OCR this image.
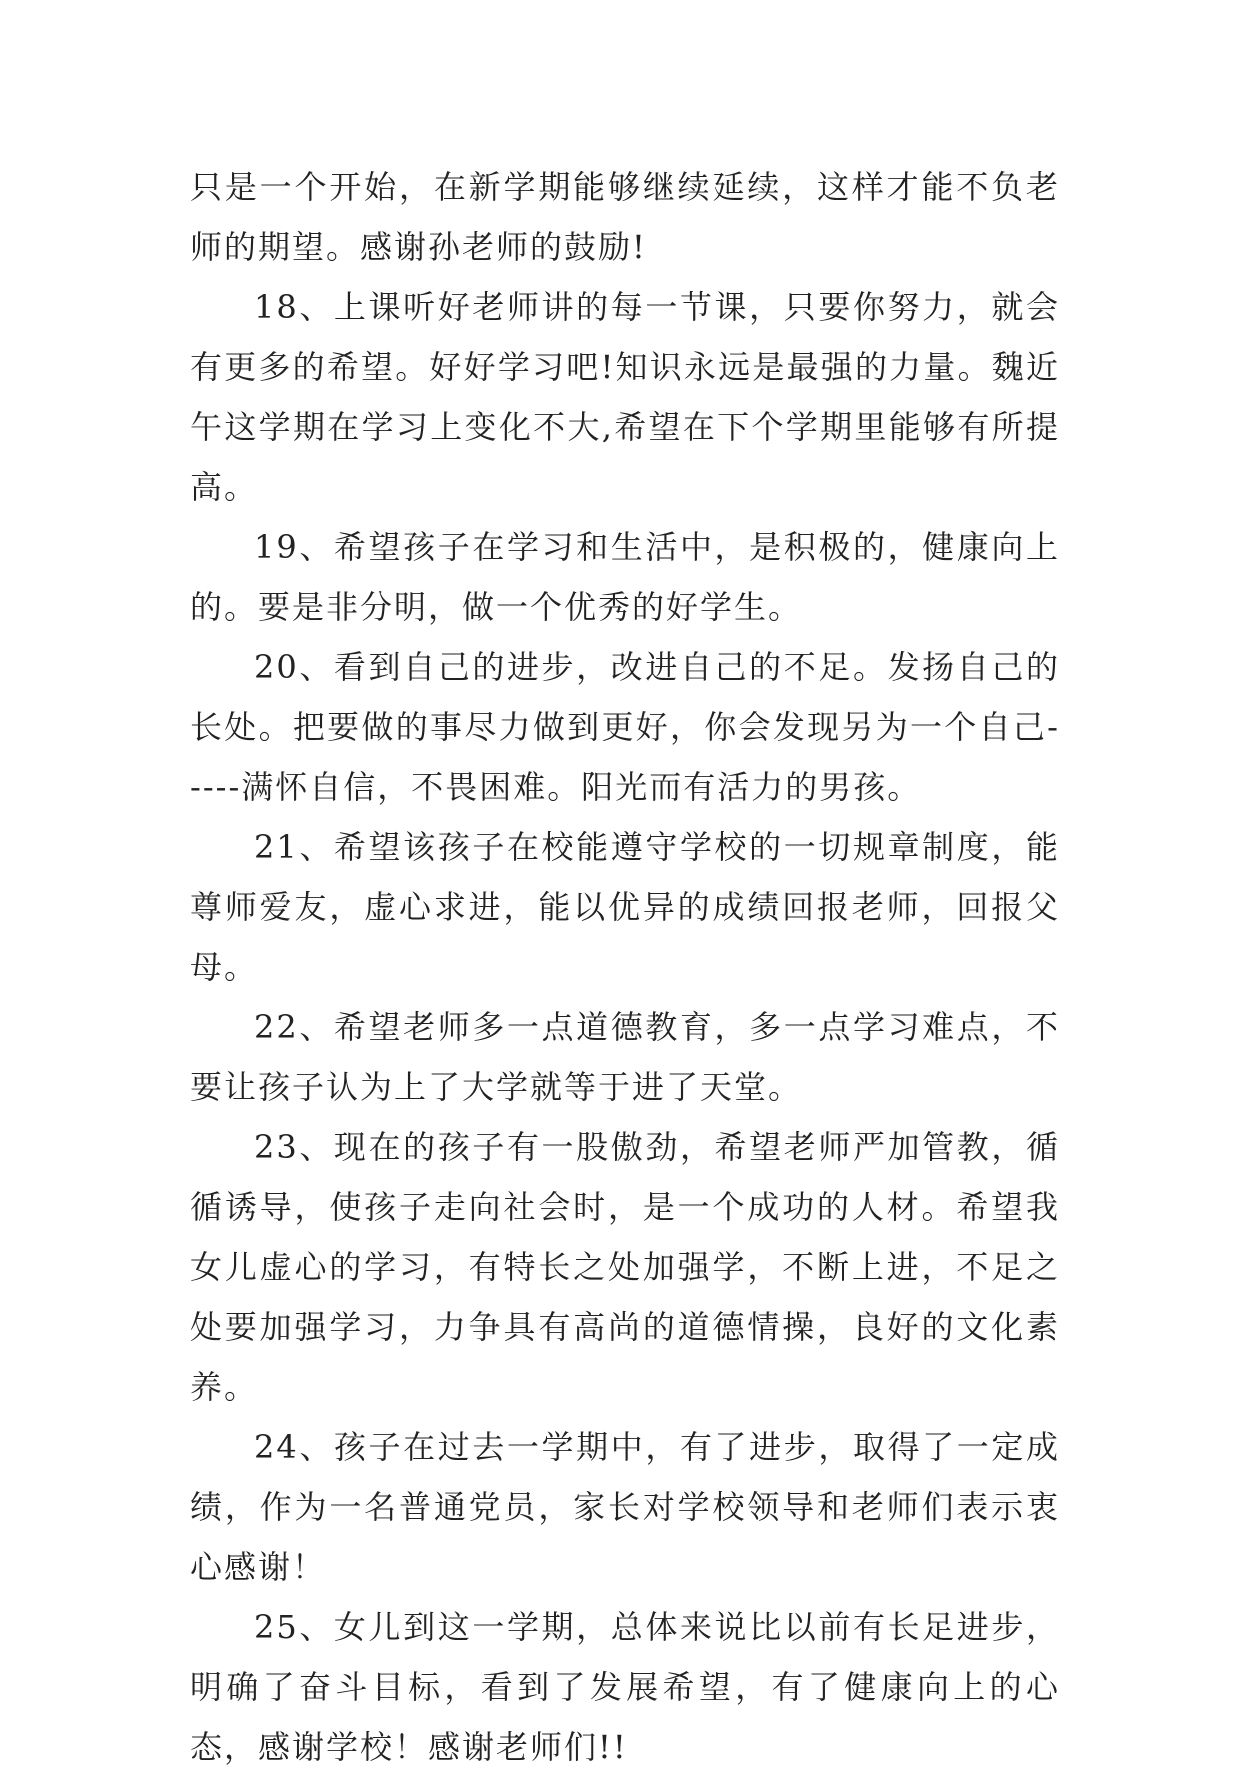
只是一个开始，在新学期能够继续延续，这样才能不负老师的期望。感谢孙老师的鼓励!

18、上课听好老师讲的每一节课，只要你努力，就会有更多的希望。好好学习吧!知识永远是最强的力量。魏近午这学期在学习上变化不大,希望在下个学期里能够有所提高。

19、希望孩子在学习和生活中，是积极的，健康向上的。要是非分明，做一个优秀的好学生。

20、看到自己的进步，改进自己的不足。发扬自己的长处。把要做的事尽力做到更好，你会发现另为一个自己-----满怀自信，不畏困难。阳光而有活力的男孩。

21、希望该孩子在校能遵守学校的一切规章制度，能尊师爱友，虚心求进，能以优异的成绩回报老师，回报父母。

22、希望老师多一点道德教育，多一点学习难点，不要让孩子认为上了大学就等于进了天堂。

23、现在的孩子有一股傲劲，希望老师严加管教，循循诱导，使孩子走向社会时，是一个成功的人材。希望我女儿虚心的学习，有特长之处加强学，不断上进，不足之处要加强学习，力争具有高尚的道德情操，良好的文化素养。

24、孩子在过去一学期中，有了进步，取得了一定成绩，作为一名普通党员，家长对学校领导和老师们表示衷心感谢！

25、女儿到这一学期，总体来说比以前有长足进步，明确了奋斗目标，看到了发展希望，有了健康向上的心态，感谢学校！感谢老师们!!
